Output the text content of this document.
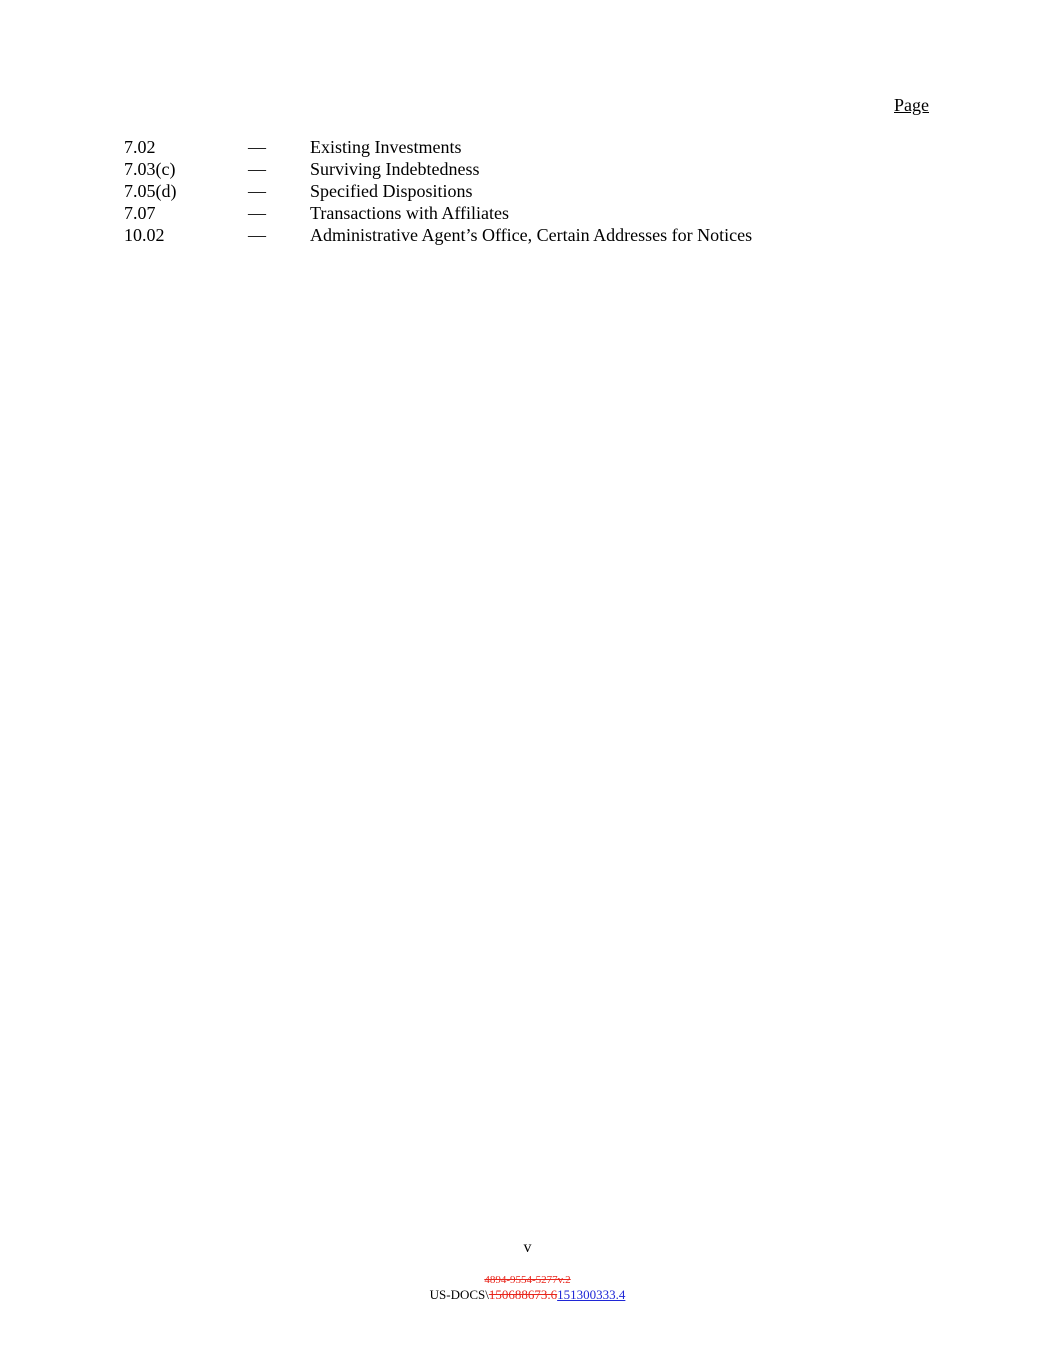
Page
7.02	—	Existing Investments
7.03(c)	—	Surviving Indebtedness
7.05(d)	—	Specified Dispositions
7.07	—	Transactions with Affiliates
10.02	—	Administrative Agent’s Office, Certain Addresses for Notices
v
4894-9554-5277v.2
US-DOCS\150688673.6151300333.4
